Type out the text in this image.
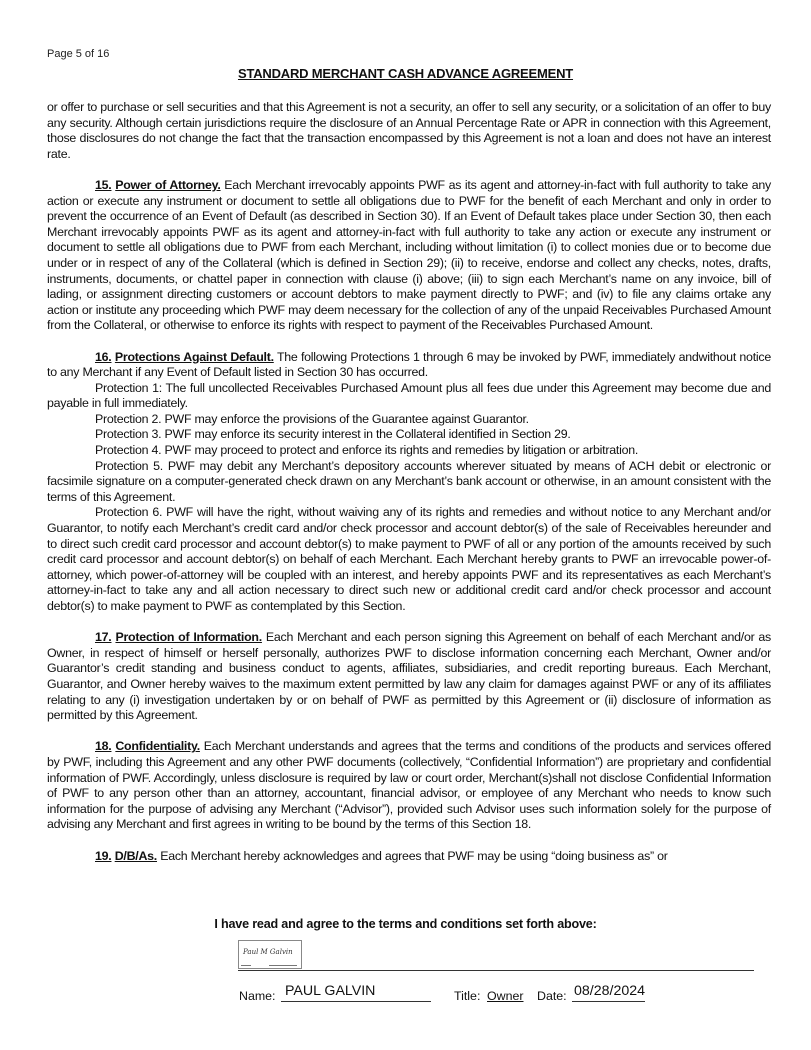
Page 5 of 16
STANDARD MERCHANT CASH ADVANCE AGREEMENT

or offer to purchase or sell securities and that this Agreement is not a security, an offer to sell any security, or a solicitation of an offer to buy any security. Although certain jurisdictions require the disclosure of an Annual Percentage Rate or APR in connection with this Agreement, those disclosures do not change the fact that the transaction encompassed by this Agreement is not a loan and does not have an interest rate.

15. Power of Attorney. Each Merchant irrevocably appoints PWF as its agent and attorney-in-fact with full authority to take any action or execute any instrument or document to settle all obligations due to PWF for the benefit of each Merchant and only in order to prevent the occurrence of an Event of Default (as described in Section 30). If an Event of Default takes place under Section 30, then each Merchant irrevocably appoints PWF as its agent and attorney-in-fact with full authority to take any action or execute any instrument or document to settle all obligations due to PWF from each Merchant, including without limitation (i) to collect monies due or to become due under or in respect of any of the Collateral (which is defined in Section 29); (ii) to receive, endorse and collect any checks, notes, drafts, instruments, documents, or chattel paper in connection with clause (i) above; (iii) to sign each Merchant’s name on any invoice, bill of lading, or assignment directing customers or account debtors to make payment directly to PWF; and (iv) to file any claims ortake any action or institute any proceeding which PWF may deem necessary for the collection of any of the unpaid Receivables Purchased Amount from the Collateral, or otherwise to enforce its rights with respect to payment of the Receivables Purchased Amount.

16. Protections Against Default. The following Protections 1 through 6 may be invoked by PWF, immediately andwithout notice to any Merchant if any Event of Default listed in Section 30 has occurred.

Protection 1: The full uncollected Receivables Purchased Amount plus all fees due under this Agreement may become due and payable in full immediately.

Protection 2. PWF may enforce the provisions of the Guarantee against Guarantor.

Protection 3. PWF may enforce its security interest in the Collateral identified in Section 29.

Protection 4. PWF may proceed to protect and enforce its rights and remedies by litigation or arbitration.

Protection 5. PWF may debit any Merchant’s depository accounts wherever situated by means of ACH debit or electronic or facsimile signature on a computer-generated check drawn on any Merchant’s bank account or otherwise, in an amount consistent with the terms of this Agreement.

Protection 6. PWF will have the right, without waiving any of its rights and remedies and without notice to any Merchant and/or Guarantor, to notify each Merchant’s credit card and/or check processor and account debtor(s) of the sale of Receivables hereunder and to direct such credit card processor and account debtor(s) to make payment to PWF of all or any portion of the amounts received by such credit card processor and account debtor(s) on behalf of each Merchant. Each Merchant hereby grants to PWF an irrevocable power-of-attorney, which power-of-attorney will be coupled with an interest, and hereby appoints PWF and its representatives as each Merchant’s attorney-in-fact to take any and all action necessary to direct such new or additional credit card and/or check processor and account debtor(s) to make payment to PWF as contemplated by this Section.

17. Protection of Information. Each Merchant and each person signing this Agreement on behalf of each Merchant and/or as Owner, in respect of himself or herself personally, authorizes PWF to disclose information concerning each Merchant, Owner and/or Guarantor’s credit standing and business conduct to agents, affiliates, subsidiaries, and credit reporting bureaus. Each Merchant, Guarantor, and Owner hereby waives to the maximum extent permitted by law any claim for damages against PWF or any of its affiliates relating to any (i) investigation undertaken by or on behalf of PWF as permitted by this Agreement or (ii) disclosure of information as permitted by this Agreement.

18. Confidentiality. Each Merchant understands and agrees that the terms and conditions of the products and services offered by PWF, including this Agreement and any other PWF documents (collectively, “Confidential Information”) are proprietary and confidential information of PWF. Accordingly, unless disclosure is required by law or court order, Merchant(s)shall not disclose Confidential Information of PWF to any person other than an attorney, accountant, financial advisor, or employee of any Merchant who needs to know such information for the purpose of advising any Merchant (“Advisor”), provided such Advisor uses such information solely for the purpose of advising any Merchant and first agrees in writing to be bound by the terms of this Section 18.

19. D/B/As. Each Merchant hereby acknowledges and agrees that PWF may be using “doing business as” or

I have read and agree to the terms and conditions set forth above:
Paul M Galvin
Name: PAUL GALVIN	Title: Owner Date: 08/28/2024
